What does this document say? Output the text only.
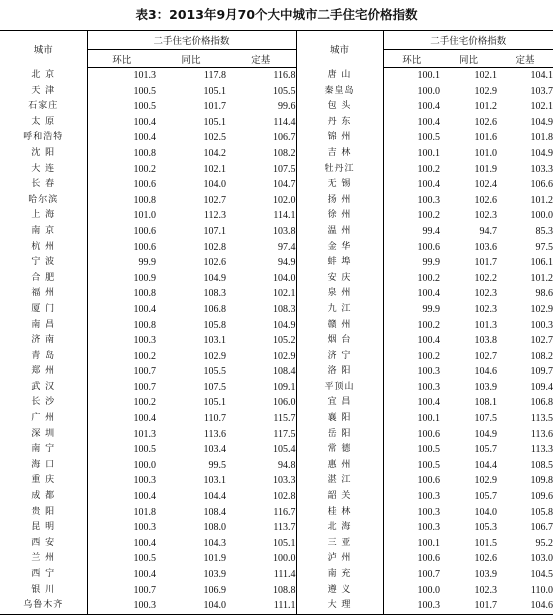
表3：2013年9月70个大中城市二手住宅价格指数
城市	二手住宅价格指数			城市	二手住宅价格指数		
	环比	同比	定基		环比	同比	定基
北 京	101.3	117.8	116.8	唐 山	100.1	102.1	104.1
天 津	100.5	105.1	105.5	秦皇岛	100.0	102.9	103.7
石家庄	100.5	101.7	99.6	包 头	100.4	101.2	102.1
太 原	100.4	105.1	114.4	丹 东	100.4	102.6	104.9
呼和浩特	100.4	102.5	106.7	锦 州	100.5	101.6	101.8
沈 阳	100.8	104.2	108.2	吉 林	100.1	101.0	104.9
大 连	100.2	102.1	107.5	牡丹江	100.2	101.9	103.3
长 春	100.6	104.0	104.7	无 锡	100.4	102.4	106.6
哈尔滨	100.8	102.7	102.0	扬 州	100.3	102.6	101.2
上 海	101.0	112.3	114.1	徐 州	100.2	102.3	100.0
南 京	100.6	107.1	103.8	温 州	99.4	94.7	85.3
杭 州	100.6	102.8	97.4	金 华	100.6	103.6	97.5
宁 波	99.9	102.6	94.9	蚌 埠	99.9	101.7	106.1
合 肥	100.9	104.9	104.0	安 庆	100.2	102.2	101.2
福 州	100.8	108.3	102.1	泉 州	100.4	102.3	98.6
厦 门	100.4	106.8	108.3	九 江	99.9	102.3	102.9
南 昌	100.8	105.8	104.9	赣 州	100.2	101.3	100.3
济 南	100.3	103.1	105.2	烟 台	100.4	103.8	102.7
青 岛	100.2	102.9	102.9	济 宁	100.2	102.7	108.2
郑 州	100.7	105.5	108.4	洛 阳	100.3	104.6	109.7
武 汉	100.7	107.5	109.1	平顶山	100.3	103.9	109.4
长 沙	100.2	105.1	106.0	宜 昌	100.4	108.1	106.8
广 州	100.4	110.7	115.7	襄 阳	100.1	107.5	113.5
深 圳	101.3	113.6	117.5	岳 阳	100.6	104.9	113.6
南 宁	100.5	103.4	105.4	常 德	100.5	105.7	113.3
海 口	100.0	99.5	94.8	惠 州	100.5	104.4	108.5
重 庆	100.3	103.1	103.3	湛 江	100.6	102.9	109.8
成 都	100.4	104.4	102.8	韶 关	100.3	105.7	109.6
贵 阳	101.8	108.4	116.7	桂 林	100.3	104.0	105.8
昆 明	100.3	108.0	113.7	北 海	100.3	105.3	106.7
西 安	100.4	104.3	105.1	三 亚	100.1	101.5	95.2
兰 州	100.5	101.9	100.0	泸 州	100.6	102.6	103.0
西 宁	100.4	103.9	111.4	南 充	100.7	103.9	104.5
银 川	100.7	106.9	108.8	遵 义	100.0	102.3	110.0
乌鲁木齐	100.3	104.0	111.1	大 理	100.3	101.7	104.6
